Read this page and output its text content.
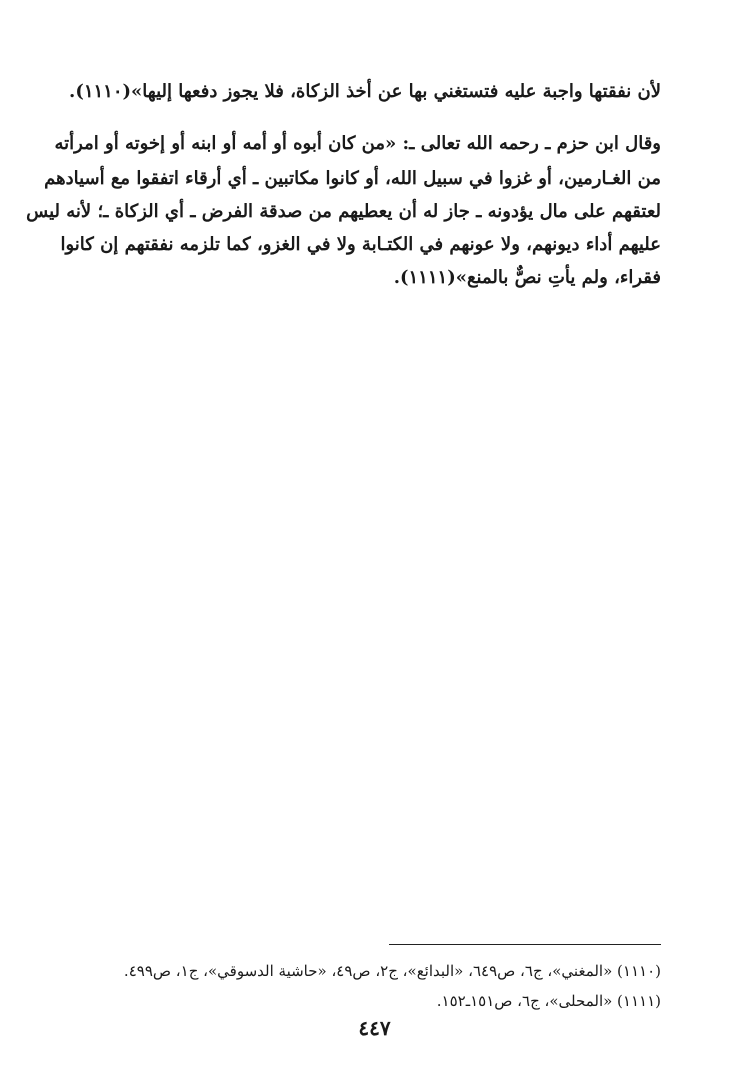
لأن نفقتها واجبة عليه فتستغني بها عن أخذ الزكاة، فلا يجوز دفعها إليها»(١١١٠).
وقال ابن حزم ـ رحمه الله تعالى ـ: «من كان أبوه أو أمه أو ابنه أو إخوته أو امرأته
من الغـارمين، أو غزوا في سبيل الله، أو كانوا مكاتبين ـ أي أرقاء اتفقوا مع أسيادهم
لعتقهم على مال يؤدونه ـ جاز له أن يعطيهم من صدقة الفرض ـ أي الزكاة ـ؛ لأنه ليس
عليهم أداء ديونهم، ولا عونهم في الكتـابة ولا في الغزو، كما تلزمه نفقتهم إن كانوا
فقراء، ولم يأتِ نصٌّ بالمنع»(١١١١).
(١١١٠) «المغني»، ج٦، ص٦٤٩، «البدائع»، ج٢، ص٤٩، «حاشية الدسوقي»، ج١، ص٤٩٩.
(١١١١) «المحلى»، ج٦، ص١٥١ـ١٥٢.
٤٤٧
